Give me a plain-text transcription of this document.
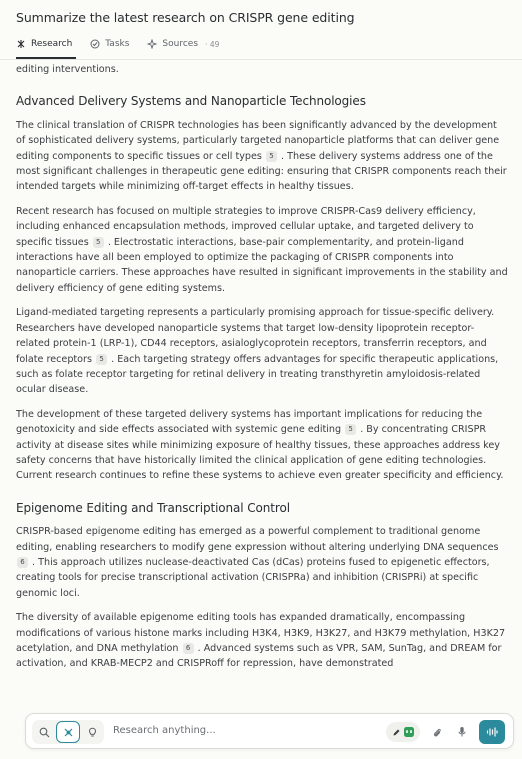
Summarize the latest research on CRISPR gene editing
Research	Tasks	Sources · 49

editing interventions.

Advanced Delivery Systems and Nanoparticle Technologies

The clinical translation of CRISPR technologies has been significantly advanced by the development of sophisticated delivery systems, particularly targeted nanoparticle platforms that can deliver gene editing components to specific tissues or cell types 5 . These delivery systems address one of the most significant challenges in therapeutic gene editing: ensuring that CRISPR components reach their intended targets while minimizing off-target effects in healthy tissues.

Recent research has focused on multiple strategies to improve CRISPR-Cas9 delivery efficiency, including enhanced encapsulation methods, improved cellular uptake, and targeted delivery to specific tissues 5 . Electrostatic interactions, base-pair complementarity, and protein-ligand interactions have all been employed to optimize the packaging of CRISPR components into nanoparticle carriers. These approaches have resulted in significant improvements in the stability and delivery efficiency of gene editing systems.

Ligand-mediated targeting represents a particularly promising approach for tissue-specific delivery. Researchers have developed nanoparticle systems that target low-density lipoprotein receptor-related protein-1 (LRP-1), CD44 receptors, asialoglycoprotein receptors, transferrin receptors, and folate receptors 5 . Each targeting strategy offers advantages for specific therapeutic applications, such as folate receptor targeting for retinal delivery in treating transthyretin amyloidosis-related ocular disease.

The development of these targeted delivery systems has important implications for reducing the genotoxicity and side effects associated with systemic gene editing 5 . By concentrating CRISPR activity at disease sites while minimizing exposure of healthy tissues, these approaches address key safety concerns that have historically limited the clinical application of gene editing technologies. Current research continues to refine these systems to achieve even greater specificity and efficiency.

Epigenome Editing and Transcriptional Control

CRISPR-based epigenome editing has emerged as a powerful complement to traditional genome editing, enabling researchers to modify gene expression without altering underlying DNA sequences 6 . This approach utilizes nuclease-deactivated Cas (dCas) proteins fused to epigenetic effectors, creating tools for precise transcriptional activation (CRISPRa) and inhibition (CRISPRi) at specific genomic loci.

The diversity of available epigenome editing tools has expanded dramatically, encompassing modifications of various histone marks including H3K4, H3K9, H3K27, and H3K79 methylation, H3K27 acetylation, and DNA methylation 6 . Advanced systems such as VPR, SAM, SunTag, and DREAM for activation, and KRAB-MECP2 and CRISPRoff for repression, have demonstrated

Research anything...
